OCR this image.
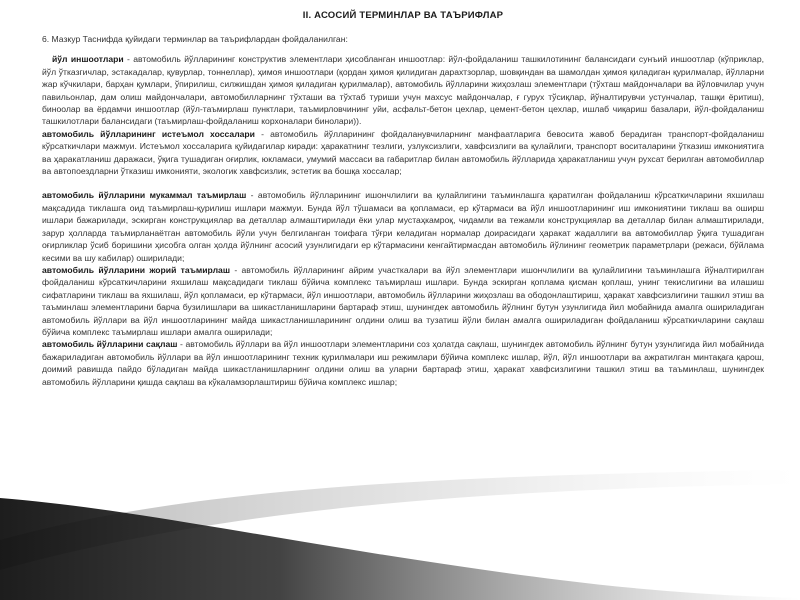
II. АСОСИЙ ТЕРМИНЛАР ВА ТАЪРИФЛАР

6. Мазкур Таснифда қуйидаги терминлар ва таърифлардан фойдаланилган:

йўл иншоотлари - автомобиль йўлларининг конструктив элементлари ҳисобланган иншоотлар: йўл-фойдаланиш ташкилотининг балансидаги сунъий иншоотлар (кўприклар, йўл ўтказгичлар, эстакадалар, қувурлар, тоннеллар), ҳимоя иншоотлари (қордан ҳимоя қилидиган дарахтзорлар, шовқиндан ва шамолдан ҳимоя қиладиган қурилмалар, йўлларни жар кўчкилари, барҳан қумлари, ўпирилиш, силжишдан ҳимоя қиладиган қурилмалар), автомобиль йўлларини жиҳозлаш элементлари (тўхташ майдончалари ва йўловчилар учун павильонлар, дам олиш майдончалари, автомобилларнинг тўхташи ва тўхтаб туриши учун махсус майдончалар, ғ гурух тўсиқлар, йўналтирувчи устунчалар, ташқи ёритиш), биноолар ва ёрдамчи иншоотлар (йўл-таъмирлаш пунктлари, таъмирловчининг уйи, асфальт-бетон цехлар, цемент-бетон цехлар, ишлаб чиқариш базалари, йўл-фойдаланиш ташкилотлари балансидаги (таъмирлаш-фойдаланиш корхоналари бинолари)).

автомобиль йўлларининг истеъмол хоссалари - автомобиль йўлларининг фойдаланувчиларнинг манфаатларига бевосита жавоб берадиган транспорт-фойдаланиш кўрсаткичлари мажмуи. Истеъмол хоссаларига қуйидагилар киради: ҳаракатнинг тезлиги, узлуксизлиги, хавфсизлиги ва қулайлиги, транспорт воситаларини ўтказиш имкониятига ва ҳаракатланиш даражаси, ўқига тушадиган оғирлик, юкламаси, умумий массаси ва габаритлар билан автомобиль йўлларида ҳаракатланиш учун рухсат берилган автомобиллар ва автопоездларни ўтказиш имконияти, экологик хавфсизлик, эстетик ва бошқа хоссалар;

автомобиль йўлларини мукаммал таъмирлаш - автомобиль йўлларининг ишончлилиги ва қулайлигини таъминлашга қаратилган фойдаланиш кўрсаткичларини яхшилаш мақсадида тиклашга оид таъмирлаш-қурилиш ишлари мажмуи. Бунда йўл тўшамаси ва қопламаси, ер кўтармаси ва йўл иншоотларининг иш имкониятини тиклаш ва оширш ишлари бажарилади, эскирган конструкциялар ва деталлар алмаштирилади ёки улар мустаҳкамроқ, чидамли ва тежамли конструкциялар ва деталлар билан алмаштирилади, зарур ҳолларда таъмирланаётган автомобиль йўли учун белгиланган тоифага тўғри келадиган нормалар доирасидаги ҳаракат жадаллиги ва автомобиллар ўқига тушадиган оғирликлар ўсиб боришини ҳисобга олган ҳолда йўлнинг асосий узунлигидаги ер кўтармасини кенгайтирмасдан автомобиль йўлининг геометрик параметрлари (режаси, бўйлама кесими ва шу кабилар) оширилади;

автомобиль йўлларини жорий таъмирлаш - автомобиль йўлларининг айрим участкалари ва йўл элементлари ишончлилиги ва қулайлигини таъминлашга йўналтирилган фойдаланиш кўрсаткичларини яхшилаш мақсадидаги тиклаш бўйича комплекс таъмирлаш ишлари. Бунда эскирган қоплама қисман қоплаш, унинг текислигини ва илашиш сифатларини тиклаш ва яхшилаш, йўл қопламаси, ер кўтармаси, йўл иншоотлари, автомобиль йўлларини жиҳозлаш ва ободонлаштириш, ҳаракат хавфсизлигини ташкил этиш ва таъминлаш элементларини барча бузилишлари ва шикастланишларини бартараф этиш, шунингдек автомобиль йўлнинг бутун узунлигида йил мобайнида амалга ошириладиган автомобиль йўллари ва йўл иншоотларининг майда шикастланишларининг олдини олиш ва тузатиш йўли билан амалга ошириладиган фойдаланиш кўрсаткичларини сақлаш бўйича комплекс таъмирлаш ишлари амалга оширилади;

автомобиль йўлларини сақлаш - автомобиль йўллари ва йўл иншоотлари элементларини соз ҳолатда сақлаш, шунингдек автомобиль йўлнинг бутун узунлигида йил мобайнида бажариладиган автомобиль йўллари ва йўл иншоотларининг техник қурилмалари иш режимлари бўйича комплекс ишлар, йўл, йўл иншоотлари ва ажратилган минтақага қарош, доимий равишда пайдо бўладиган майда шикастланишларнинг олдини олиш ва уларни бартараф этиш, ҳаракат хавфсизлигини ташкил этиш ва таъминлаш, шунингдек автомобиль йўлларини қишда сақлаш ва кўкаламзорлаштириш бўйича комплекс ишлар;
